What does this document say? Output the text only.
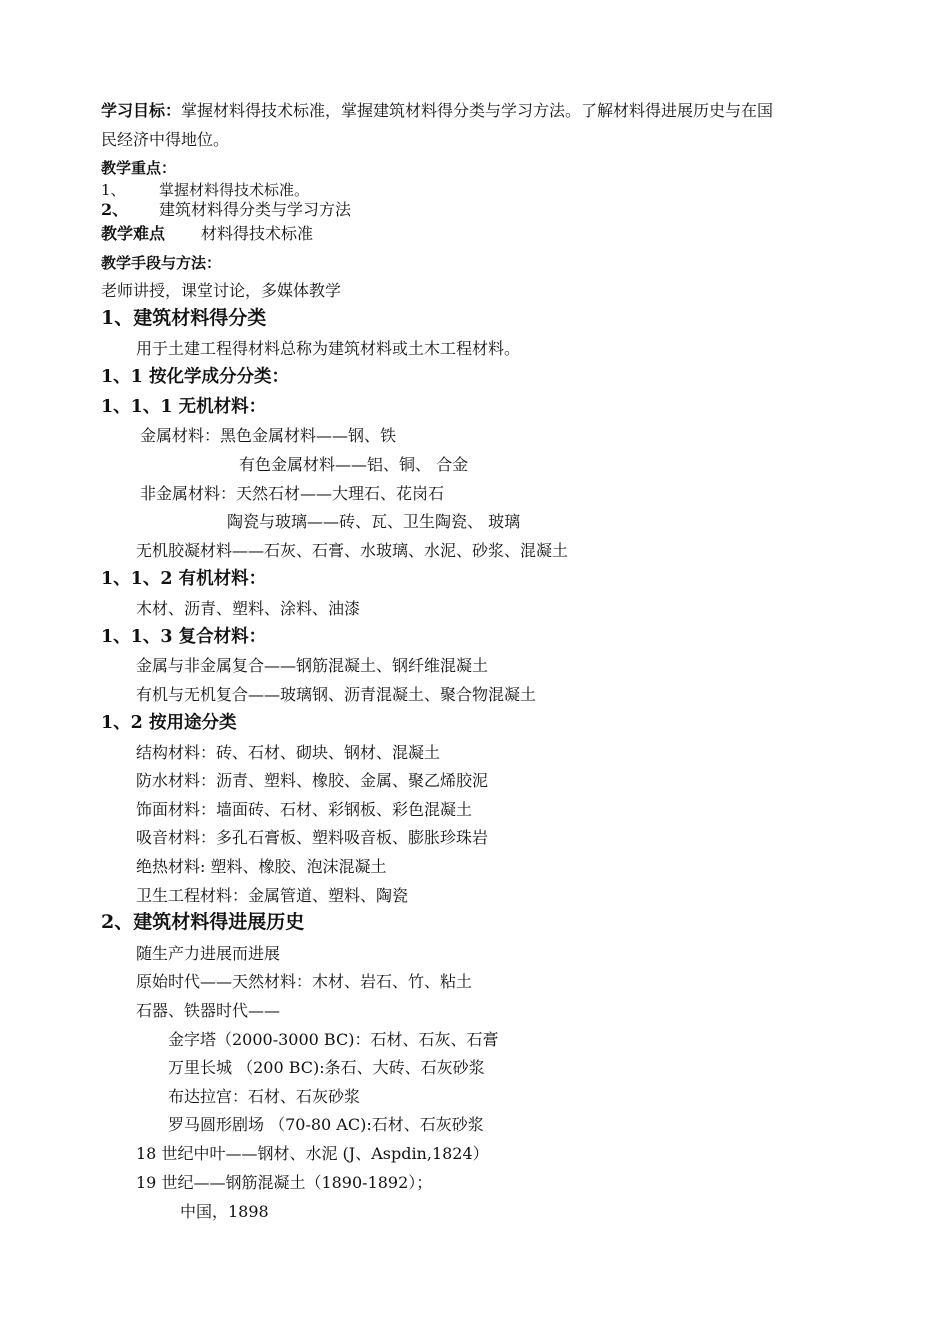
学习目标：掌握材料得技术标准，掌握建筑材料得分类与学习方法。了解材料得进展历史与在国
民经济中得地位。
教学重点：
1、 掌握材料得技术标准。
2、 建筑材料得分类与学习方法
教学难点 材料得技术标准
教学手段与方法：
老师讲授，课堂讨论，多媒体教学
1、建筑材料得分类
用于土建工程得材料总称为建筑材料或土木工程材料。
1、1 按化学成分分类：
1、1、1 无机材料：
金属材料：黑色金属材料——钢、铁
有色金属材料——铝、铜、 合金
非金属材料：天然石材——大理石、花岗石
陶瓷与玻璃——砖、瓦、卫生陶瓷、 玻璃
无机胶凝材料——石灰、石膏、水玻璃、水泥、砂浆、混凝土
1、1、2 有机材料：
木材、沥青、塑料、涂料、油漆
1、1、3 复合材料：
金属与非金属复合——钢筋混凝土、钢纤维混凝土
有机与无机复合——玻璃钢、沥青混凝土、聚合物混凝土
1、2 按用途分类
结构材料：砖、石材、砌块、钢材、混凝土
防水材料：沥青、塑料、橡胶、金属、聚乙烯胶泥
饰面材料：墙面砖、石材、彩钢板、彩色混凝土
吸音材料：多孔石膏板、塑料吸音板、膨胀珍珠岩
绝热材料: 塑料、橡胶、泡沫混凝土
卫生工程材料：金属管道、塑料、陶瓷
2、建筑材料得进展历史
随生产力进展而进展
原始时代——天然材料：木材、岩石、竹、粘土
石器、铁器时代——
金字塔（2000-3000 BC)：石材、石灰、石膏
万里长城 （200 BC):条石、大砖、石灰砂浆
布达拉宫：石材、石灰砂浆
罗马圆形剧场 （70-80 AC):石材、石灰砂浆
18 世纪中叶——钢材、水泥 (J、Aspdin,1824）
19 世纪——钢筋混凝土（1890-1892）；
中国，1898
